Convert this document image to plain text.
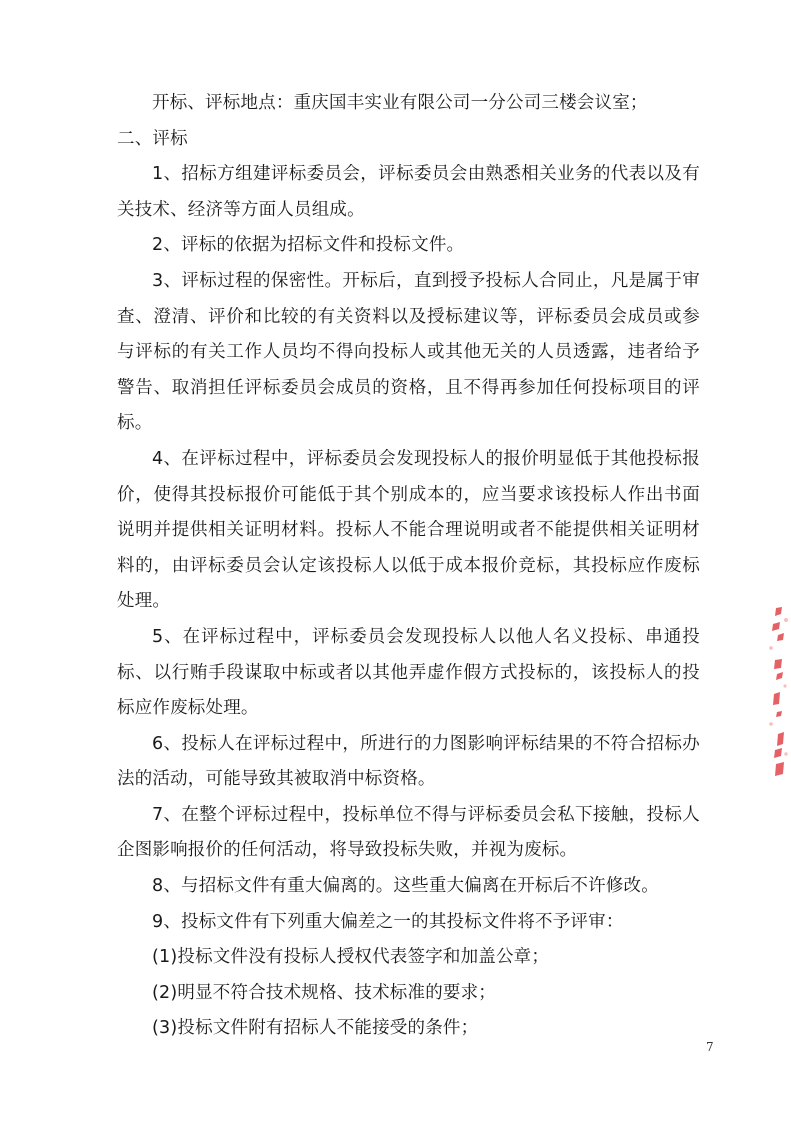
开标、评标地点：重庆国丰实业有限公司一分公司三楼会议室；

二、评标

1、招标方组建评标委员会，评标委员会由熟悉相关业务的代表以及有关技术、经济等方面人员组成。

2、评标的依据为招标文件和投标文件。

3、评标过程的保密性。开标后，直到授予投标人合同止，凡是属于审查、澄清、评价和比较的有关资料以及授标建议等，评标委员会成员或参与评标的有关工作人员均不得向投标人或其他无关的人员透露，违者给予警告、取消担任评标委员会成员的资格，且不得再参加任何投标项目的评标。

4、在评标过程中，评标委员会发现投标人的报价明显低于其他投标报价，使得其投标报价可能低于其个别成本的，应当要求该投标人作出书面说明并提供相关证明材料。投标人不能合理说明或者不能提供相关证明材料的，由评标委员会认定该投标人以低于成本报价竞标，其投标应作废标处理。

5、在评标过程中，评标委员会发现投标人以他人名义投标、串通投标、以行贿手段谋取中标或者以其他弄虚作假方式投标的，该投标人的投标应作废标处理。

6、投标人在评标过程中，所进行的力图影响评标结果的不符合招标办法的活动，可能导致其被取消中标资格。

7、在整个评标过程中，投标单位不得与评标委员会私下接触，投标人企图影响报价的任何活动，将导致投标失败，并视为废标。

8、与招标文件有重大偏离的。这些重大偏离在开标后不许修改。

9、投标文件有下列重大偏差之一的其投标文件将不予评审：

(1)投标文件没有投标人授权代表签字和加盖公章；

(2)明显不符合技术规格、技术标准的要求；

(3)投标文件附有招标人不能接受的条件；

7
